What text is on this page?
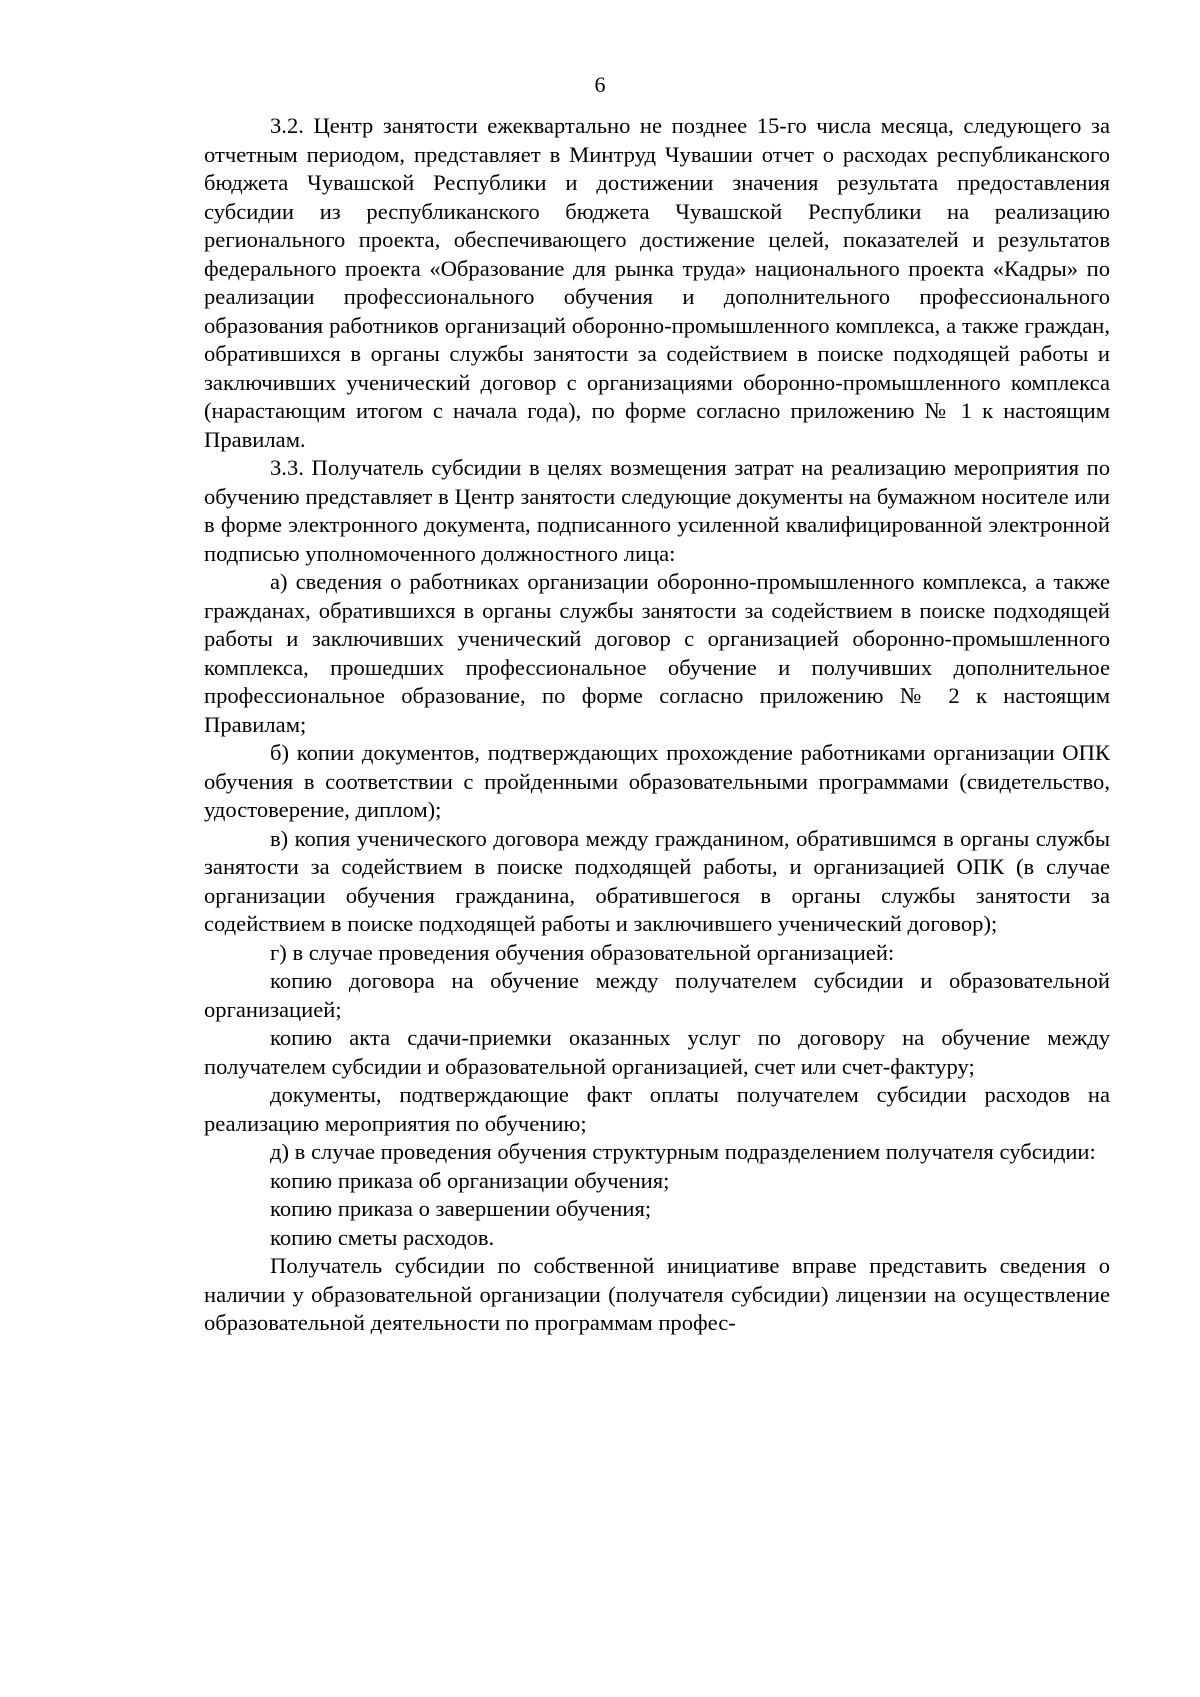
6

3.2. Центр занятости ежеквартально не позднее 15-го числа месяца, следующего за отчетным периодом, представляет в Минтруд Чувашии отчет о расходах республиканского бюджета Чувашской Республики и достижении значения результата предоставления субсидии из республиканского бюджета Чувашской Республики на реализацию регионального проекта, обеспечивающего достижение целей, показателей и результатов федерального проекта «Образование для рынка труда» национального проекта «Кадры» по реализации профессионального обучения и дополнительного профессионального образования работников организаций оборонно-промышленного комплекса, а также граждан, обратившихся в органы службы занятости за содействием в поиске подходящей работы и заключивших ученический договор с организациями оборонно-промышленного комплекса (нарастающим итогом с начала года), по форме согласно приложению № 1 к настоящим Правилам.

3.3. Получатель субсидии в целях возмещения затрат на реализацию мероприятия по обучению представляет в Центр занятости следующие документы на бумажном носителе или в форме электронного документа, подписанного усиленной квалифицированной электронной подписью уполномоченного должностного лица:

а) сведения о работниках организации оборонно-промышленного комплекса, а также гражданах, обратившихся в органы службы занятости за содействием в поиске подходящей работы и заключивших ученический договор с организацией оборонно-промышленного комплекса, прошедших профессиональное обучение и получивших дополнительное профессиональное образование, по форме согласно приложению № 2 к настоящим Правилам;

б) копии документов, подтверждающих прохождение работниками организации ОПК обучения в соответствии с пройденными образовательными программами (свидетельство, удостоверение, диплом);

в) копия ученического договора между гражданином, обратившимся в органы службы занятости за содействием в поиске подходящей работы, и организацией ОПК (в случае организации обучения гражданина, обратившегося в органы службы занятости за содействием в поиске подходящей работы и заключившего ученический договор);

г) в случае проведения обучения образовательной организацией:

копию договора на обучение между получателем субсидии и образовательной организацией;

копию акта сдачи-приемки оказанных услуг по договору на обучение между получателем субсидии и образовательной организацией, счет или счет-фактуру;

документы, подтверждающие факт оплаты получателем субсидии расходов на реализацию мероприятия по обучению;

д) в случае проведения обучения структурным подразделением получателя субсидии:

копию приказа об организации обучения;

копию приказа о завершении обучения;

копию сметы расходов.

Получатель субсидии по собственной инициативе вправе представить сведения о наличии у образовательной организации (получателя субсидии) лицензии на осуществление образовательной деятельности по программам профес-
